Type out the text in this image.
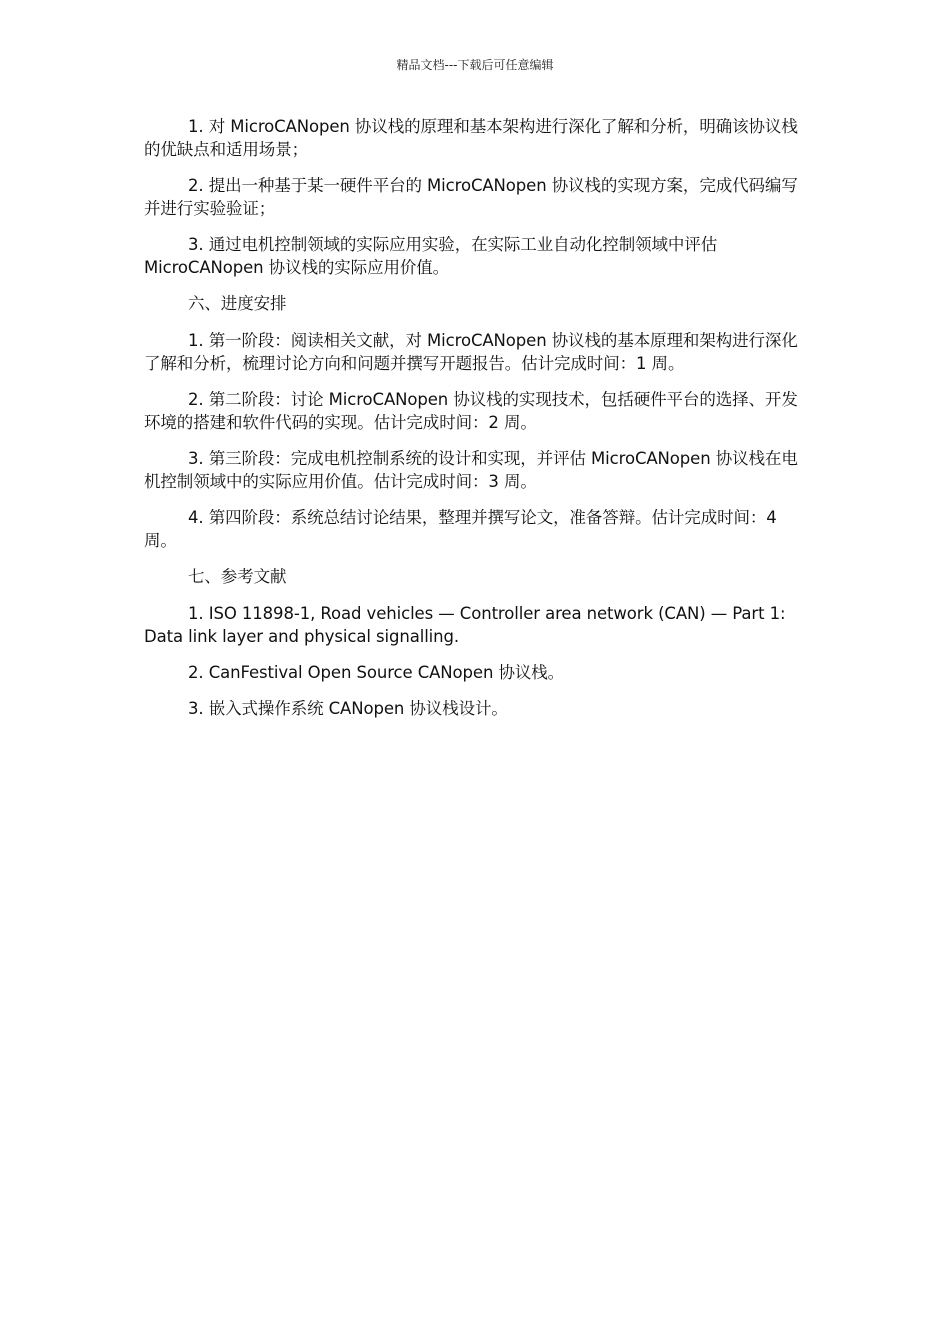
精品文档---下载后可任意编辑

1. 对 MicroCANopen 协议栈的原理和基本架构进行深化了解和分析，明确该协议栈的优缺点和适用场景；

2. 提出一种基于某一硬件平台的 MicroCANopen 协议栈的实现方案，完成代码编写并进行实验验证；

3. 通过电机控制领域的实际应用实验，在实际工业自动化控制领域中评估 MicroCANopen 协议栈的实际应用价值。

六、进度安排

1. 第一阶段：阅读相关文献，对 MicroCANopen 协议栈的基本原理和架构进行深化了解和分析，梳理讨论方向和问题并撰写开题报告。估计完成时间：1 周。

2. 第二阶段：讨论 MicroCANopen 协议栈的实现技术，包括硬件平台的选择、开发环境的搭建和软件代码的实现。估计完成时间：2 周。

3. 第三阶段：完成电机控制系统的设计和实现，并评估 MicroCANopen 协议栈在电机控制领域中的实际应用价值。估计完成时间：3 周。

4. 第四阶段：系统总结讨论结果，整理并撰写论文，准备答辩。估计完成时间：4 周。

七、参考文献

1. ISO 11898-1, Road vehicles — Controller area network (CAN) — Part 1: Data link layer and physical signalling.

2. CanFestival Open Source CANopen 协议栈。

3. 嵌入式操作系统 CANopen 协议栈设计。
